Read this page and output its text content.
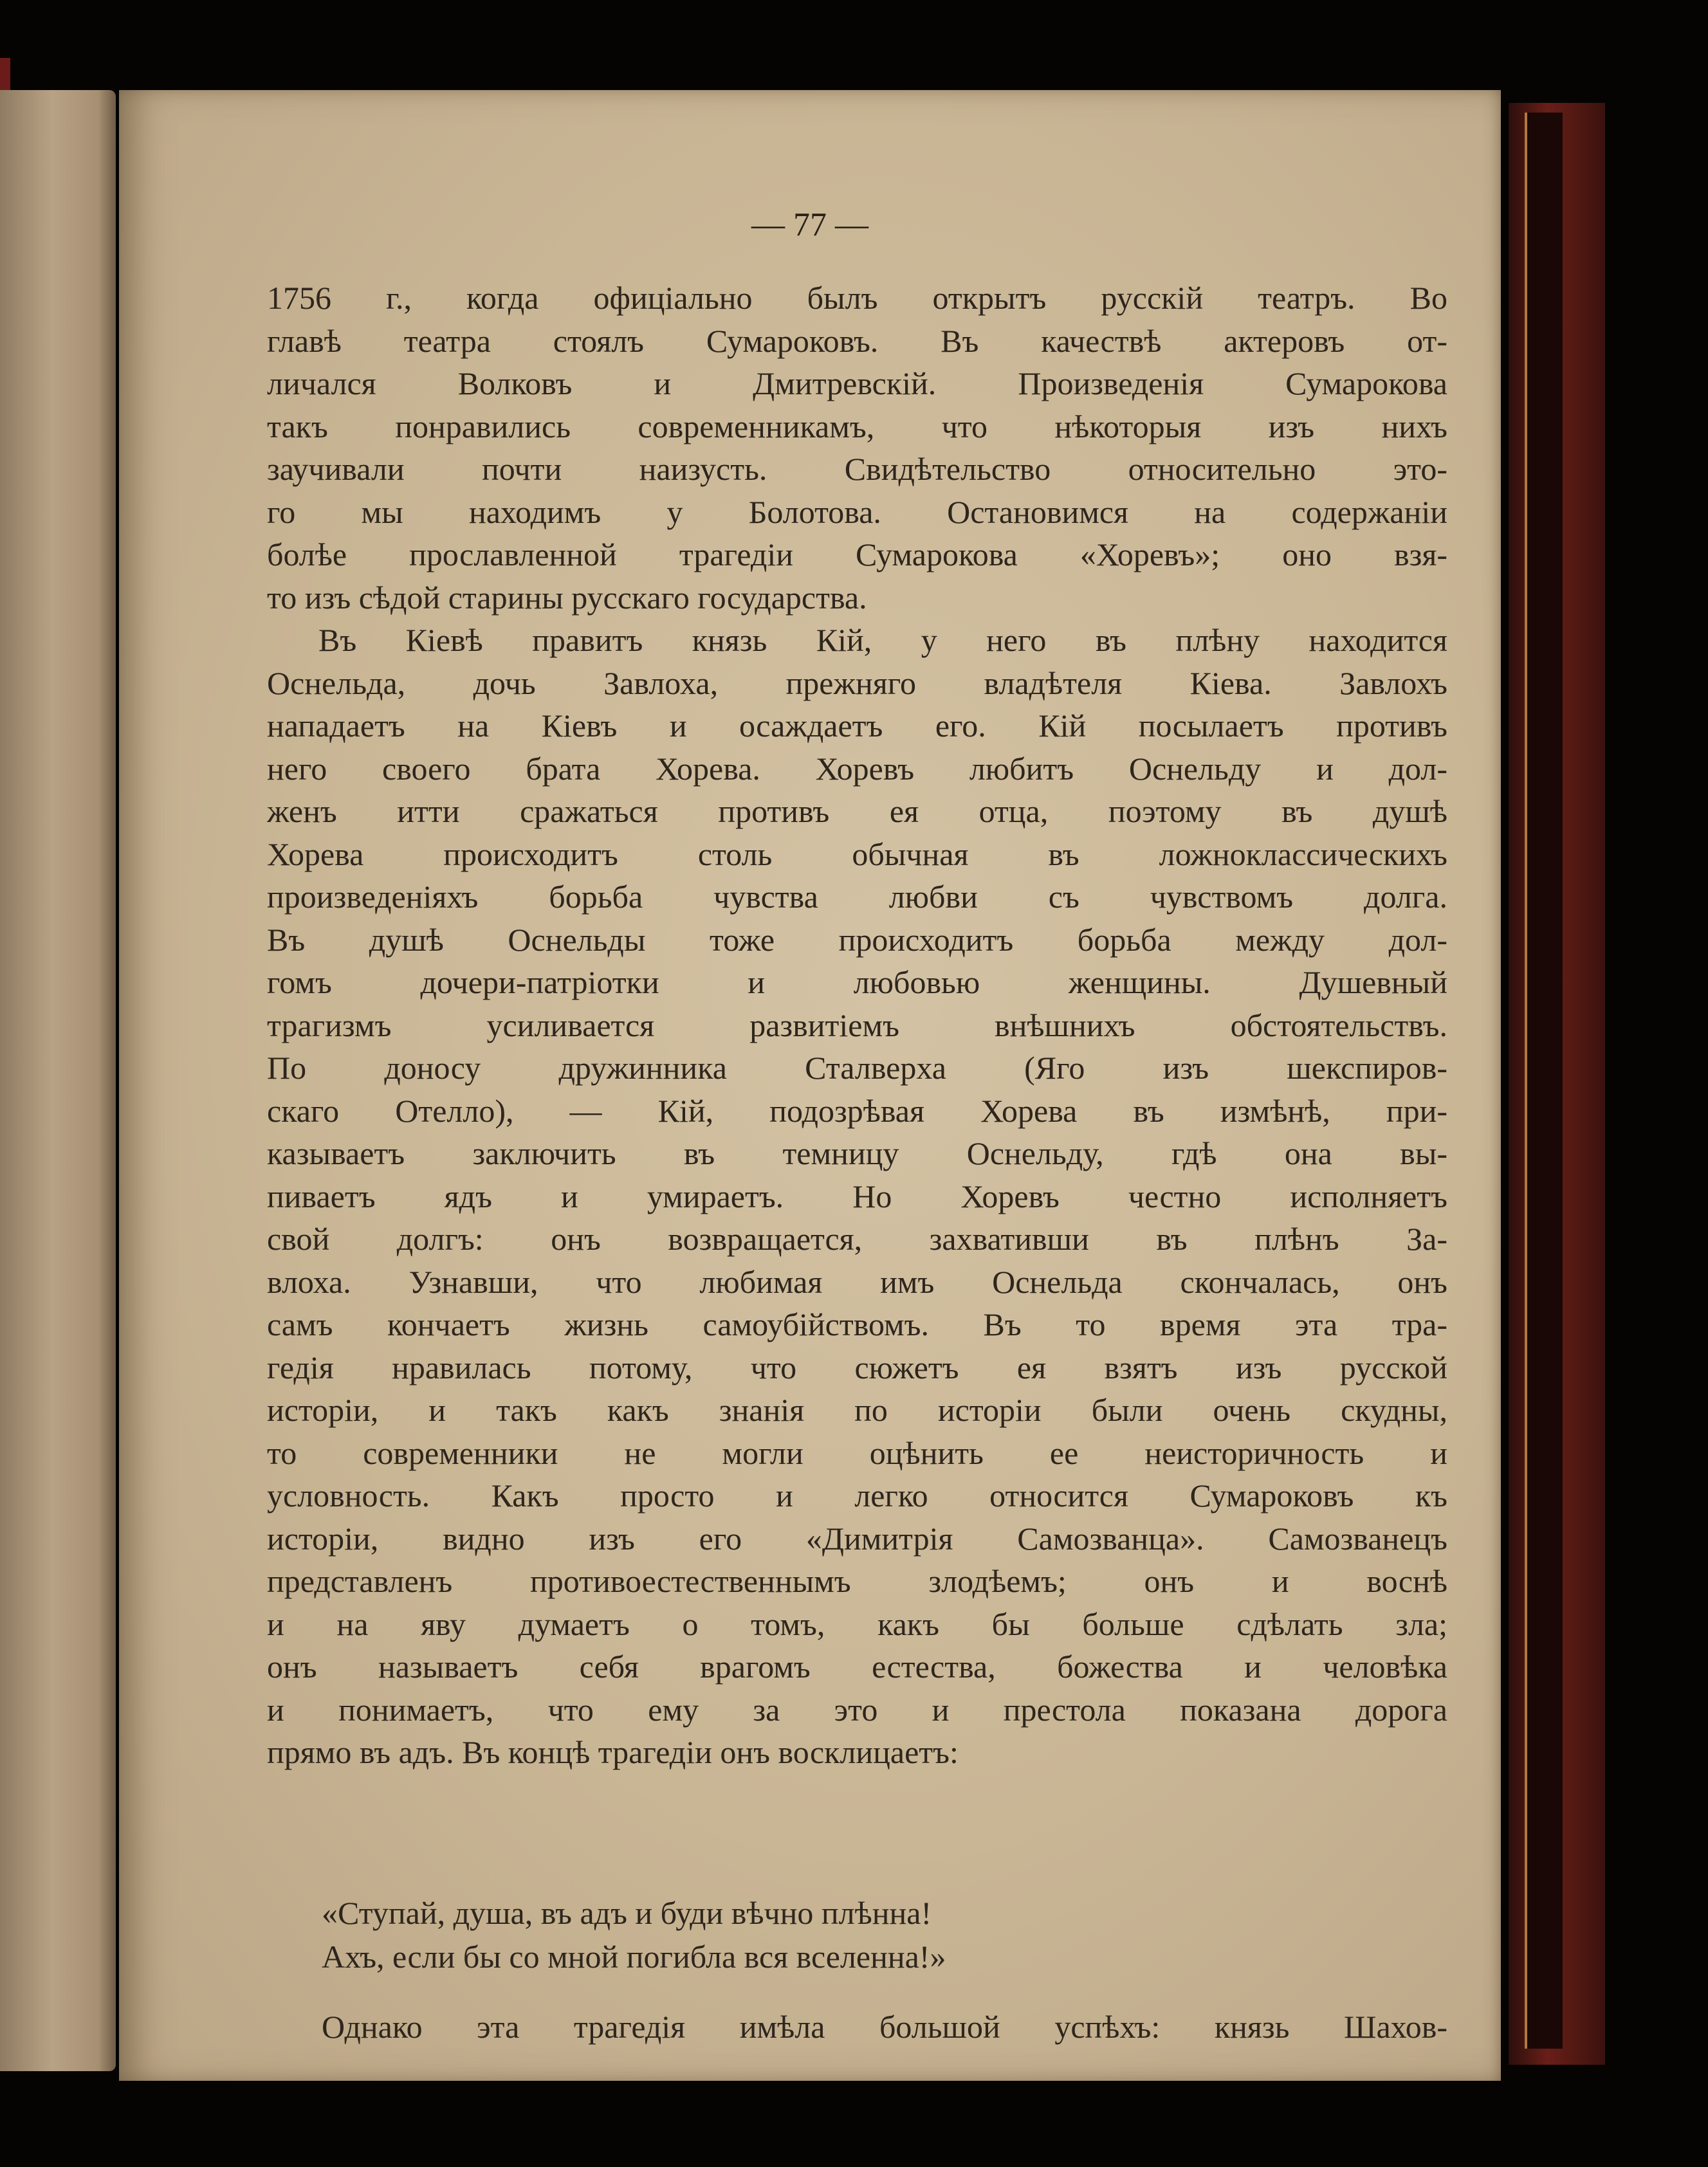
— 77 —
1756 г., когда офиціально былъ открытъ русскій театръ. Во
главѣ театра стоялъ Сумароковъ. Въ качествѣ актеровъ от-
личался Волковъ и Дмитревскій. Произведенія Сумарокова
такъ понравились современникамъ, что нѣкоторыя изъ нихъ
заучивали почти наизусть. Свидѣтельство относительно это-
го мы находимъ у Болотова. Остановимся на содержаніи
болѣе прославленной трагедіи Сумарокова «Хоревъ»; оно взя-
то изъ сѣдой старины русскаго государства.
Въ Кіевѣ правитъ князь Кій, у него въ плѣну находится
Оснельда, дочь Завлоха, прежняго владѣтеля Кіева. Завлохъ
нападаетъ на Кіевъ и осаждаетъ его. Кій посылаетъ противъ
него своего брата Хорева. Хоревъ любитъ Оснельду и дол-
женъ итти сражаться противъ ея отца, поэтому въ душѣ
Хорева происходитъ столь обычная въ ложноклассическихъ
произведеніяхъ борьба чувства любви съ чувствомъ долга.
Въ душѣ Оснельды тоже происходитъ борьба между дол-
гомъ дочери-патріотки и любовью женщины. Душевный
трагизмъ усиливается развитіемъ внѣшнихъ обстоятельствъ.
По доносу дружинника Сталверха (Яго изъ шекспиров-
скаго Отелло), — Кій, подозрѣвая Хорева въ измѣнѣ, при-
казываетъ заключить въ темницу Оснельду, гдѣ она вы-
пиваетъ ядъ и умираетъ. Но Хоревъ честно исполняетъ
свой долгъ: онъ возвращается, захвативши въ плѣнъ За-
влоха. Узнавши, что любимая имъ Оснельда скончалась, онъ
самъ кончаетъ жизнь самоубійствомъ. Въ то время эта тра-
гедія нравилась потому, что сюжетъ ея взятъ изъ русской
исторіи, и такъ какъ знанія по исторіи были очень скудны,
то современники не могли оцѣнить ее неисторичность и
условность. Какъ просто и легко относится Сумароковъ къ
исторіи, видно изъ его «Димитрія Самозванца». Самозванецъ
представленъ противоестественнымъ злодѣемъ; онъ и воснѣ
и на яву думаетъ о томъ, какъ бы больше сдѣлать зла;
онъ называетъ себя врагомъ естества, божества и человѣка
и понимаетъ, что ему за это и престола показана дорога
прямо въ адъ. Въ концѣ трагедіи онъ восклицаетъ:
«Ступай, душа, въ адъ и буди вѣчно плѣнна!
Ахъ, если бы со мной погибла вся вселенна!»
Однако эта трагедія имѣла большой успѣхъ: князь Шахов-
